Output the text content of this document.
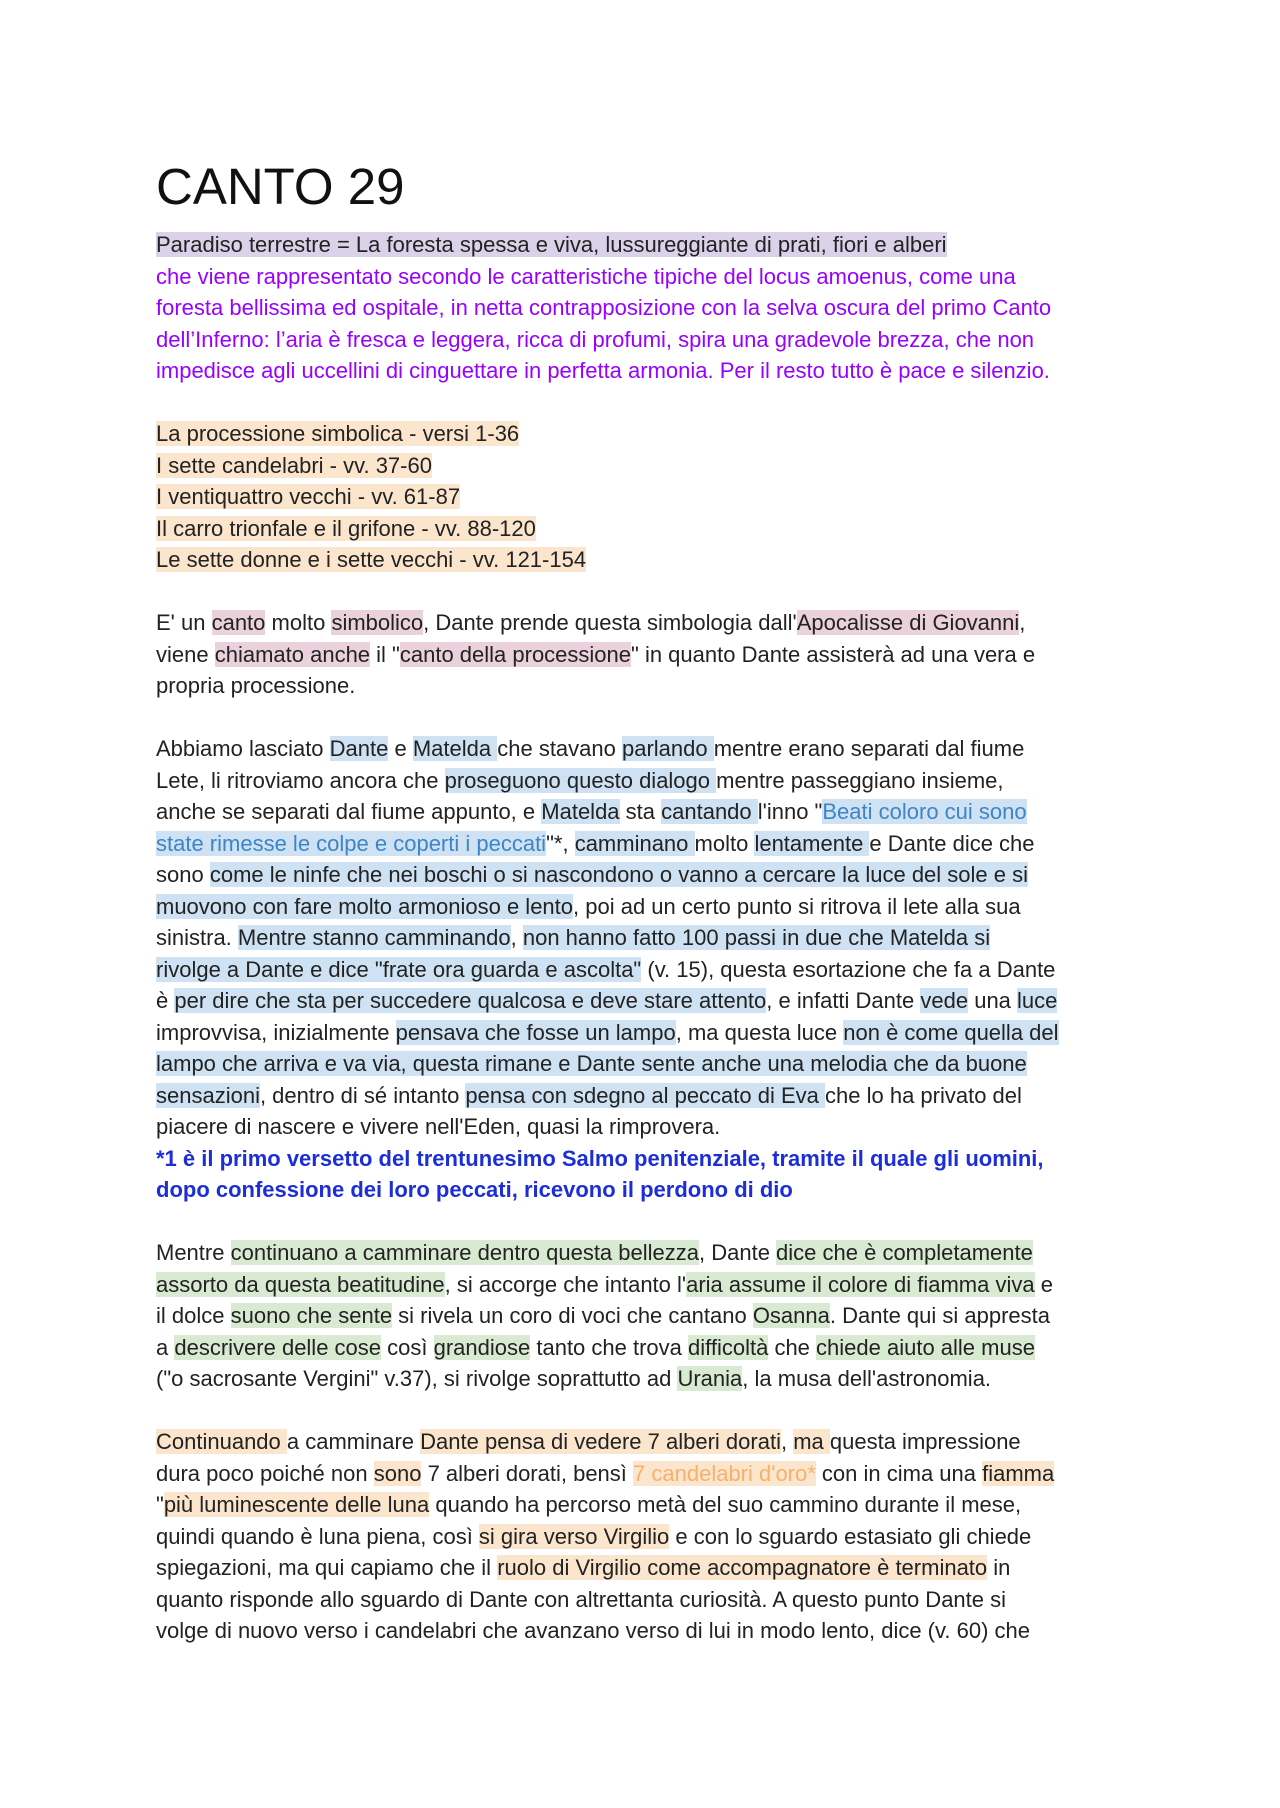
CANTO 29

Paradiso terrestre = La foresta spessa e viva, lussureggiante di prati, fiori e alberi

che viene rappresentato secondo le caratteristiche tipiche del locus amoenus, come una

foresta bellissima ed ospitale, in netta contrapposizione con la selva oscura del primo Canto

dell’Inferno: l’aria è fresca e leggera, ricca di profumi, spira una gradevole brezza, che non

impedisce agli uccellini di cinguettare in perfetta armonia. Per il resto tutto è pace e silenzio.

La processione simbolica - versi 1-36

I sette candelabri - vv. 37-60

I ventiquattro vecchi - vv. 61-87

Il carro trionfale e il grifone - vv. 88-120

Le sette donne e i sette vecchi - vv. 121-154

E' un canto molto simbolico, Dante prende questa simbologia dall'Apocalisse di Giovanni,

viene chiamato anche il "canto della processione" in quanto Dante assisterà ad una vera e

propria processione.

Abbiamo lasciato Dante e Matelda che stavano parlando mentre erano separati dal fiume

Lete, li ritroviamo ancora che proseguono questo dialogo mentre passeggiano insieme,

anche se separati dal fiume appunto, e Matelda sta cantando l'inno "Beati coloro cui sono

state rimesse le colpe e coperti i peccati"*, camminano molto lentamente e Dante dice che

sono come le ninfe che nei boschi o si nascondono o vanno a cercare la luce del sole e si

muovono con fare molto armonioso e lento, poi ad un certo punto si ritrova il lete alla sua

sinistra. Mentre stanno camminando, non hanno fatto 100 passi in due che Matelda si

rivolge a Dante e dice "frate ora guarda e ascolta" (v. 15), questa esortazione che fa a Dante

è per dire che sta per succedere qualcosa e deve stare attento, e infatti Dante vede una luce

improvvisa, inizialmente pensava che fosse un lampo, ma questa luce non è come quella del

lampo che arriva e va via, questa rimane e Dante sente anche una melodia che da buone

sensazioni, dentro di sé intanto pensa con sdegno al peccato di Eva che lo ha privato del

piacere di nascere e vivere nell'Eden, quasi la rimprovera.

*1 è il primo versetto del trentunesimo Salmo penitenziale, tramite il quale gli uomini,

dopo confessione dei loro peccati, ricevono il perdono di dio

Mentre continuano a camminare dentro questa bellezza, Dante dice che è completamente

assorto da questa beatitudine, si accorge che intanto l'aria assume il colore di fiamma viva e

il dolce suono che sente si rivela un coro di voci che cantano Osanna. Dante qui si appresta

a descrivere delle cose così grandiose tanto che trova difficoltà che chiede aiuto alle muse

("o sacrosante Vergini" v.37), si rivolge soprattutto ad Urania, la musa dell'astronomia.

Continuando a camminare Dante pensa di vedere 7 alberi dorati, ma questa impressione

dura poco poiché non sono 7 alberi dorati, bensì 7 candelabri d'oro* con in cima una fiamma

"più luminescente delle luna quando ha percorso metà del suo cammino durante il mese,

quindi quando è luna piena, così si gira verso Virgilio e con lo sguardo estasiato gli chiede

spiegazioni, ma qui capiamo che il ruolo di Virgilio come accompagnatore è terminato in

quanto risponde allo sguardo di Dante con altrettanta curiosità. A questo punto Dante si

volge di nuovo verso i candelabri che avanzano verso di lui in modo lento, dice (v. 60) che
